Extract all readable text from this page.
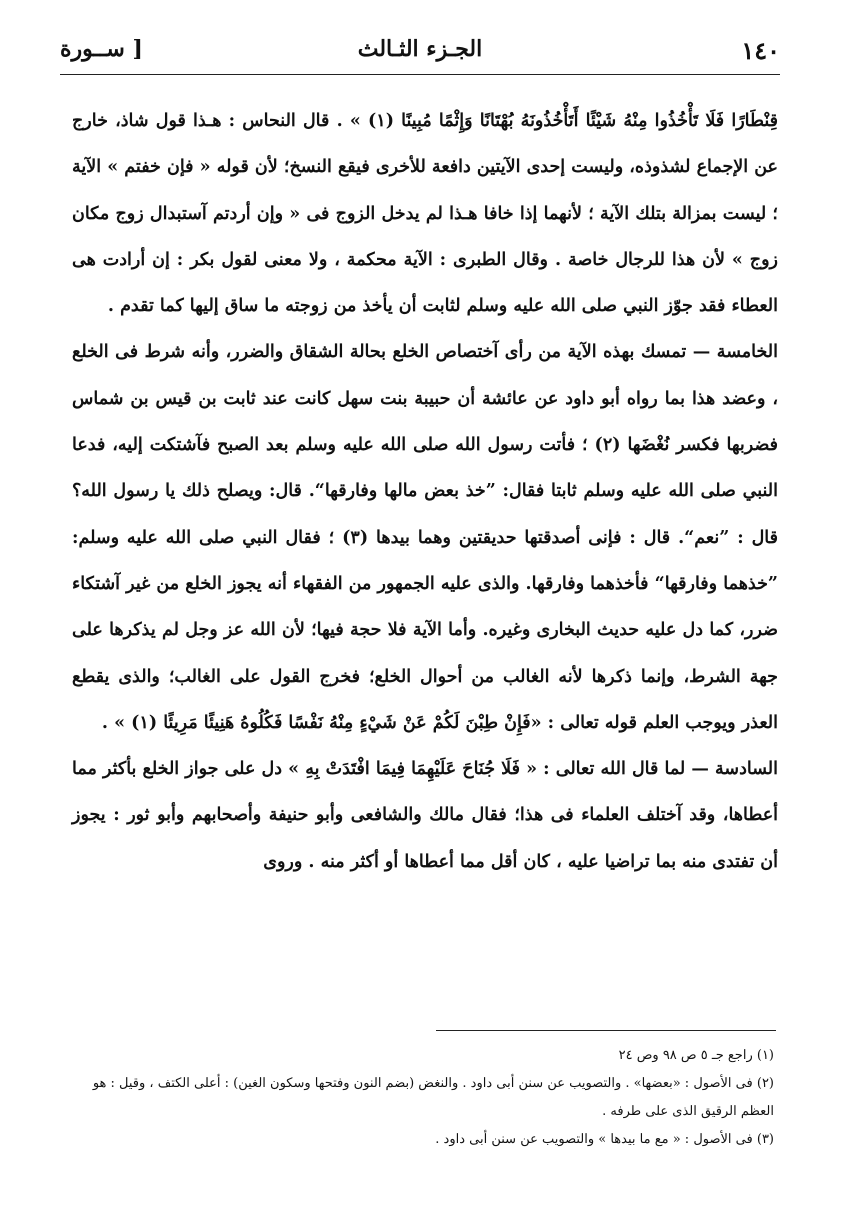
١٤٠
الجـزء الثـالث
[ ســورة

قِنْطَارًا فَلَا تَأْخُذُوا مِنْهُ شَيْئًا أَتَأْخُذُونَهُ بُهْتَانًا وَإِثْمًا مُبِينًا (١) » . قال النحاس : هـذا قول شاذ، خارج عن الإجماع لشذوذه، وليست إحدى الآيتين دافعة للأخرى فيقع النسخ؛ لأن قوله « فإن خفتم » الآية ؛ ليست بمزالة بتلك الآية ؛ لأنهما إذا خافا هـذا لم يدخل الزوج فى « وإن أردتم آستبدال زوج مكان زوج » لأن هذا للرجال خاصة . وقال الطبرى : الآية محكمة ، ولا معنى لقول بكر : إن أرادت هى العطاء فقد جوّز النبي صلى الله عليه وسلم لثابت أن يأخذ من زوجته ما ساق إليها كما تقدم .

الخامسة — تمسك بهذه الآية من رأى آختصاص الخلع بحالة الشقاق والضرر، وأنه شرط فى الخلع ، وعضد هذا بما رواه أبو داود عن عائشة أن حبيبة بنت سهل كانت عند ثابت بن قيس بن شماس فضربها فكسر نُغْضَها (٢) ؛ فأتت رسول الله صلى الله عليه وسلم بعد الصبح فآشتكت إليه، فدعا النبي صلى الله عليه وسلم ثابتا فقال: ”خذ بعض مالها وفارقها“. قال: ويصلح ذلك يا رسول الله؟ قال : ”نعم“. قال : فإنى أصدقتها حديقتين وهما بيدها (٣) ؛ فقال النبي صلى الله عليه وسلم: ”خذهما وفارقها“ فأخذهما وفارقها. والذى عليه الجمهور من الفقهاء أنه يجوز الخلع من غير آشتكاء ضرر، كما دل عليه حديث البخارى وغيره. وأما الآية فلا حجة فيها؛ لأن الله عز وجل لم يذكرها على جهة الشرط، وإنما ذكرها لأنه الغالب من أحوال الخلع؛ فخرج القول على الغالب؛ والذى يقطع العذر ويوجب العلم قوله تعالى : «فَإِنْ طِبْنَ لَكُمْ عَنْ شَيْءٍ مِنْهُ نَفْسًا فَكُلُوهُ هَنِيئًا مَرِيئًا (١) » .

السادسة — لما قال الله تعالى : « فَلَا جُنَاحَ عَلَيْهِمَا فِيمَا افْتَدَتْ بِهِ » دل على جواز الخلع بأكثر مما أعطاها، وقد آختلف العلماء فى هذا؛ فقال مالك والشافعى وأبو حنيفة وأصحابهم وأبو ثور : يجوز أن تفتدى منه بما تراضيا عليه ، كان أقل مما أعطاها أو أكثر منه . وروى

(١) راجع جـ ٥ ص ٩٨ وص ٢٤

(٢) فى الأصول : «بعضها» . والتصويب عن سنن أبى داود . والنغض (بضم النون وفتحها وسكون الغين) : أعلى الكتف ، وقيل : هو العظم الرقيق الذى على طرفه .

(٣) فى الأصول : « مع ما بيدها » والتصويب عن سنن أبى داود .
